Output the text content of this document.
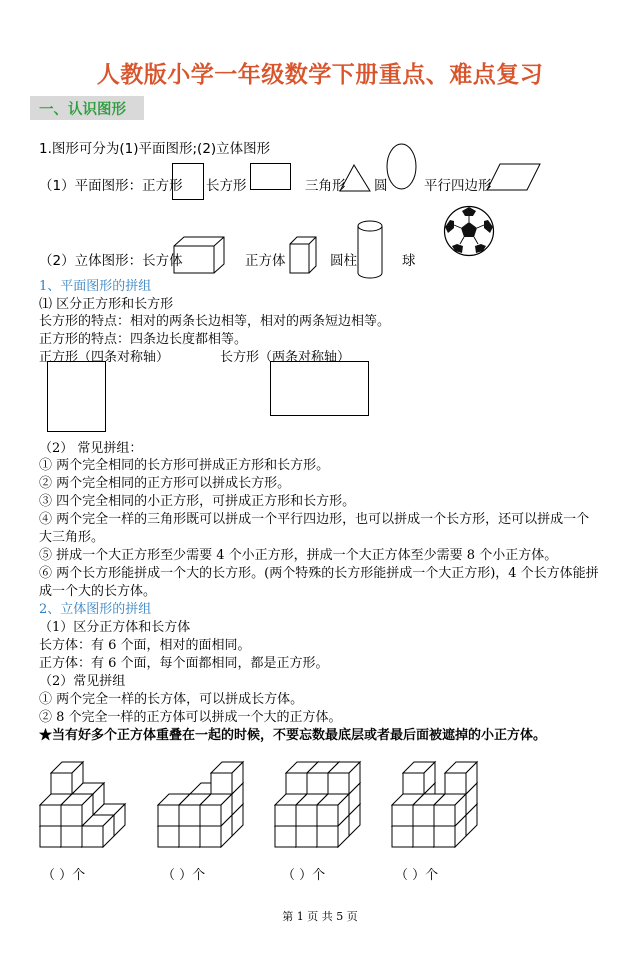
人教版小学一年级数学下册重点、难点复习
一、认识图形
1.图形可分为(1)平面图形;(2)立体图形
（1）平面图形：正方形 长方形	三角形 圆	平行四边形
（2）立体图形：长方体	正方体	圆柱	球
1、平面图形的拼组
⑴ 区分正方形和长方形
长方形的特点：相对的两条长边相等，相对的两条短边相等。
正方形的特点：四条边长度都相等。
正方形（四条对称轴）	长方形（两条对称轴）
（2） 常见拼组：
① 两个完全相同的长方形可拼成正方形和长方形。
② 两个完全相同的正方形可以拼成长方形。
③ 四个完全相同的小正方形，可拼成正方形和长方形。
④ 两个完全一样的三角形既可以拼成一个平行四边形，也可以拼成一个长方形，还可以拼成一个
大三角形。
⑤ 拼成一个大正方形至少需要 4 个小正方形，拼成一个大正方体至少需要 8 个小正方体。
⑥ 两个长方形能拼成一个大的长方形。(两个特殊的长方形能拼成一个大正方形)，4 个长方体能拼
成一个大的长方体。
2、立体图形的拼组
（1）区分正方体和长方体
长方体：有 6 个面，相对的面相同。
正方体：有 6 个面，每个面都相同，都是正方形。
（2）常见拼组
① 两个完全一样的长方体，可以拼成长方体。
② 8 个完全一样的正方体可以拼成一个大的正方体。
★当有好多个正方体重叠在一起的时候，不要忘数最底层或者最后面被遮掉的小正方体。
（ ）个	（ ）个	（ ）个	（ ）个
第 1 页 共 5 页
